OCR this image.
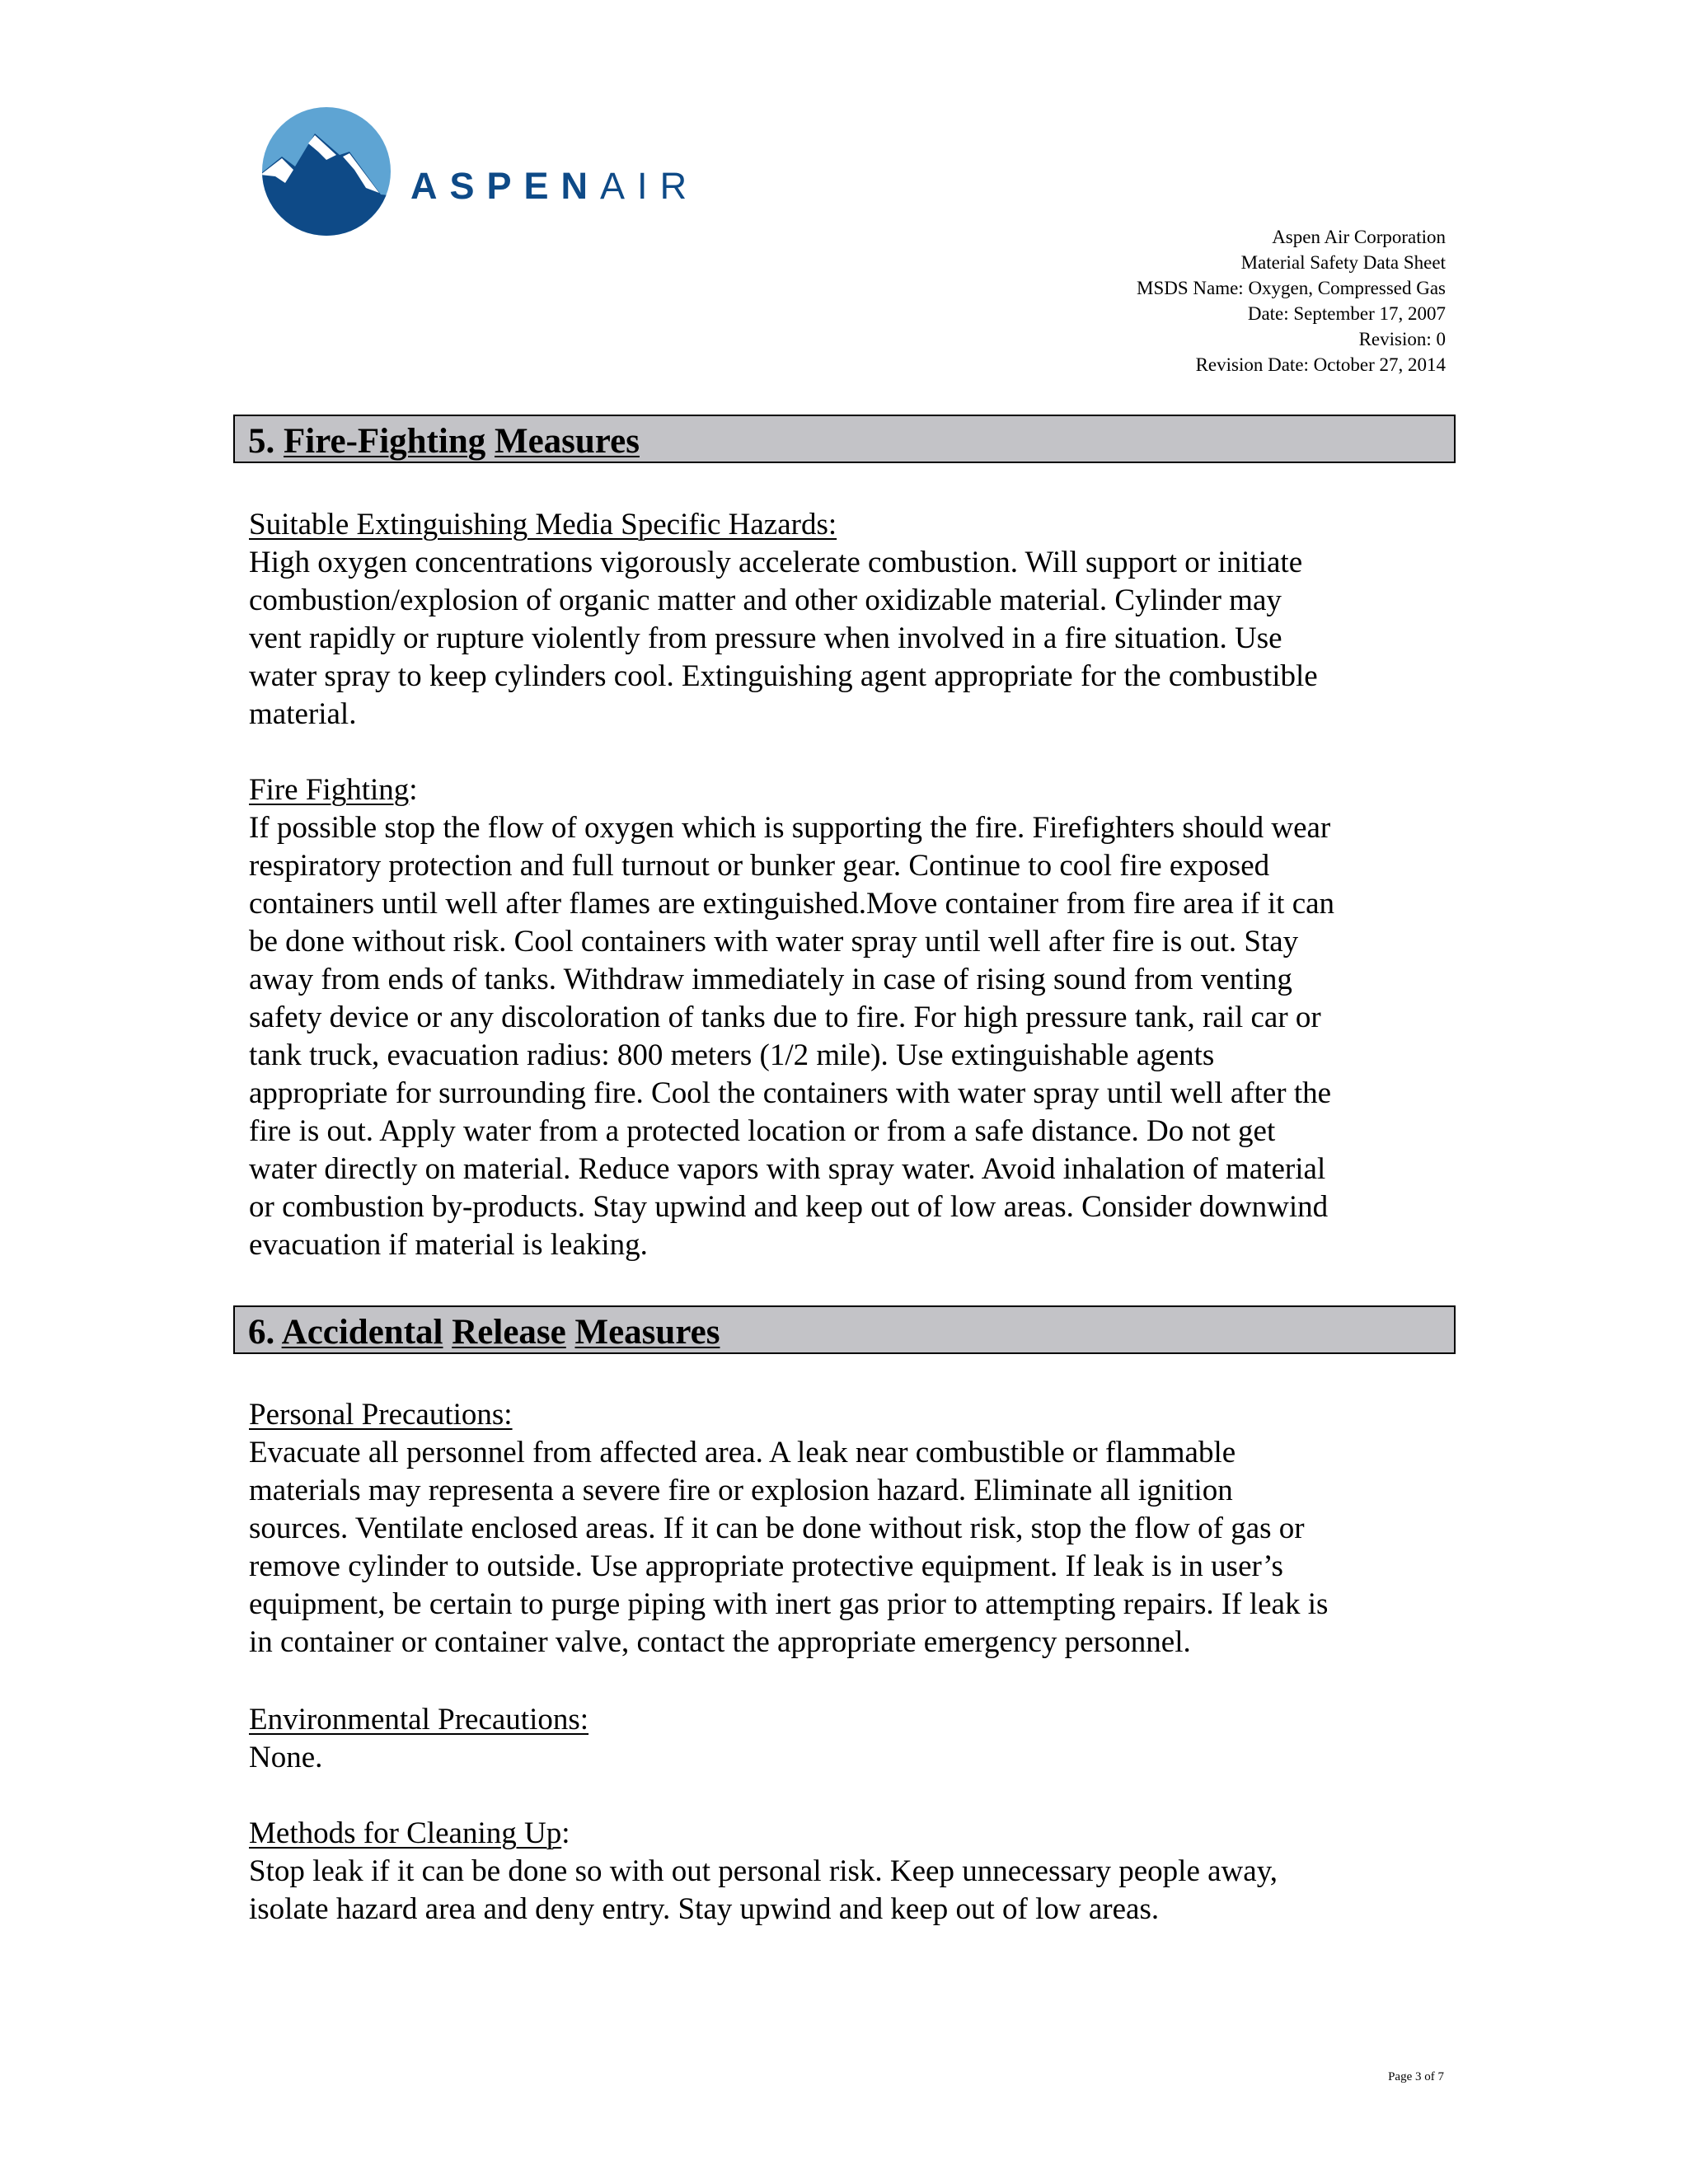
ASPENAIR
Aspen Air Corporation
Material Safety Data Sheet
MSDS Name: Oxygen, Compressed Gas
Date: September 17, 2007
Revision: 0
Revision Date: October 27, 2014
5. Fire-Fighting Measures
Suitable Extinguishing Media Specific Hazards:
High oxygen concentrations vigorously accelerate combustion. Will support or initiate
combustion/explosion of organic matter and other oxidizable material. Cylinder may
vent rapidly or rupture violently from pressure when involved in a fire situation. Use
water spray to keep cylinders cool. Extinguishing agent appropriate for the combustible
material.
Fire Fighting:
If possible stop the flow of oxygen which is supporting the fire. Firefighters should wear
respiratory protection and full turnout or bunker gear. Continue to cool fire exposed
containers until well after flames are extinguished.Move container from fire area if it can
be done without risk. Cool containers with water spray until well after fire is out. Stay
away from ends of tanks. Withdraw immediately in case of rising sound from venting
safety device or any discoloration of tanks due to fire. For high pressure tank, rail car or
tank truck, evacuation radius: 800 meters (1/2 mile). Use extinguishable agents
appropriate for surrounding fire. Cool the containers with water spray until well after the
fire is out. Apply water from a protected location or from a safe distance. Do not get
water directly on material. Reduce vapors with spray water. Avoid inhalation of material
or combustion by-products. Stay upwind and keep out of low areas. Consider downwind
evacuation if material is leaking.
6. Accidental Release Measures
Personal Precautions:
Evacuate all personnel from affected area. A leak near combustible or flammable
materials may representa a severe fire or explosion hazard. Eliminate all ignition
sources. Ventilate enclosed areas. If it can be done without risk, stop the flow of gas or
remove cylinder to outside. Use appropriate protective equipment. If leak is in user’s
equipment, be certain to purge piping with inert gas prior to attempting repairs. If leak is
in container or container valve, contact the appropriate emergency personnel.
Environmental Precautions:
None.
Methods for Cleaning Up:
Stop leak if it can be done so with out personal risk. Keep unnecessary people away,
isolate hazard area and deny entry. Stay upwind and keep out of low areas.
Page 3 of 7
